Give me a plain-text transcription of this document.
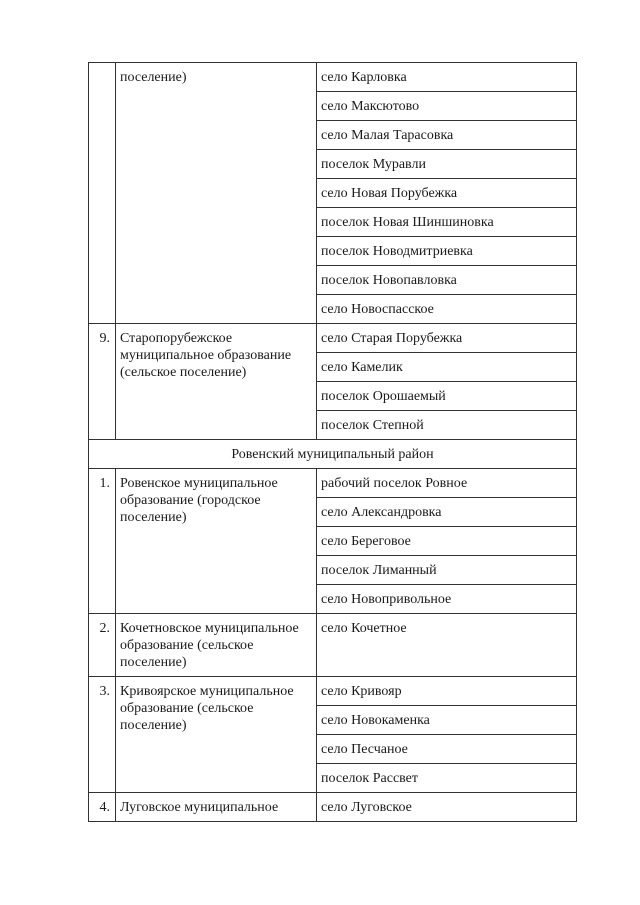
	поселение)	село Карловка
		село Максютово
		село Малая Тарасовка
		поселок Муравли
		село Новая Порубежка
		поселок Новая Шиншиновка
		поселок Новодмитриевка
		поселок Новопавловка
		село Новоспасское
9.	Старопорубежское муниципальное образование (сельское поселение)	село Старая Порубежка
		село Камелик
		поселок Орошаемый
		поселок Степной
Ровенский муниципальный район		
1.	Ровенское муниципальное образование (городское поселение)	рабочий поселок Ровное
		село Александровка
		село Береговое
		поселок Лиманный
		село Новопривольное
2.	Кочетновское муниципальное образование (сельское поселение)	село Кочетное
3.	Кривоярское муниципальное образование (сельское поселение)	село Кривояр
		село Новокаменка
		село Песчаное
		поселок Рассвет
4.	Луговское муниципальное	село Луговское
